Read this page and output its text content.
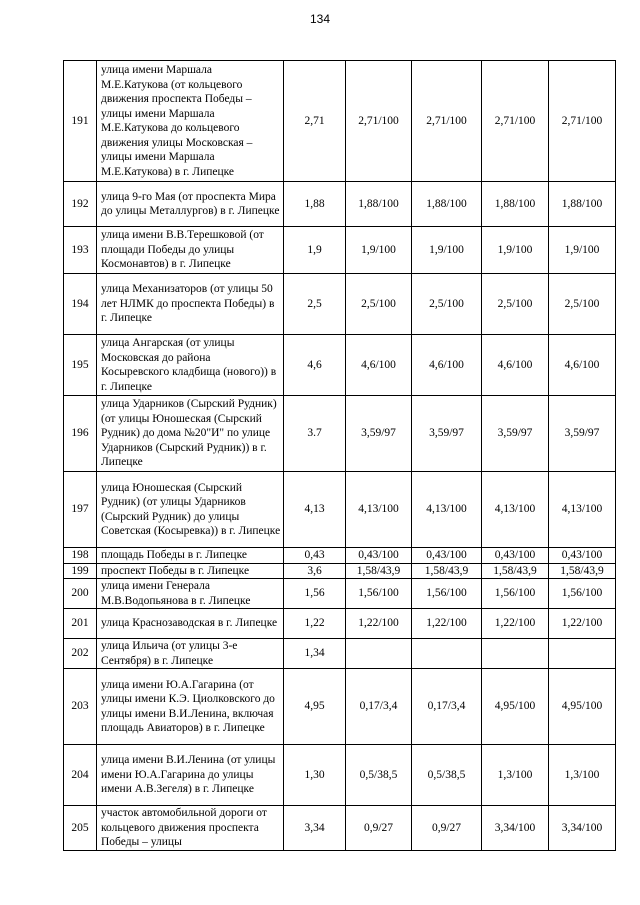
134
191	улица имени Маршала М.Е.Катукова (от кольцевого движения проспекта Победы – улицы имени Маршала М.Е.Катукова до кольцевого движения улицы Московская – улицы имени Маршала М.Е.Катукова) в г. Липецке	2,71	2,71/100	2,71/100	2,71/100	2,71/100
192	улица 9-го Мая (от проспекта Мира до улицы Металлургов) в г. Липецке	1,88	1,88/100	1,88/100	1,88/100	1,88/100
193	улица имени В.В.Терешковой (от площади Победы до улицы Космонавтов) в г. Липецке	1,9	1,9/100	1,9/100	1,9/100	1,9/100
194	улица Механизаторов (от улицы 50 лет НЛМК до проспекта Победы) в г. Липецке	2,5	2,5/100	2,5/100	2,5/100	2,5/100
195	улица Ангарская (от улицы Московская до района Косыревского кладбища (нового)) в г. Липецке	4,6	4,6/100	4,6/100	4,6/100	4,6/100
196	улица Ударников (Сырский Рудник) (от улицы Юношеская (Сырский Рудник) до дома №20"И" по улице Ударников (Сырский Рудник)) в г. Липецке	3.7	3,59/97	3,59/97	3,59/97	3,59/97
197	улица Юношеская (Сырский Рудник) (от улицы Ударников (Сырский Рудник) до улицы Советская (Косыревка)) в г. Липецке	4,13	4,13/100	4,13/100	4,13/100	4,13/100
198	площадь Победы в г. Липецке	0,43	0,43/100	0,43/100	0,43/100	0,43/100
199	проспект Победы в г. Липецке	3,6	1,58/43,9	1,58/43,9	1,58/43,9	1,58/43,9
200	улица имени Генерала М.В.Водопьянова в г. Липецке	1,56	1,56/100	1,56/100	1,56/100	1,56/100
201	улица Краснозаводская в г. Липецке	1,22	1,22/100	1,22/100	1,22/100	1,22/100
202	улица Ильича (от улицы 3-е Сентября) в г. Липецке	1,34				
203	улица имени Ю.А.Гагарина (от улицы имени К.Э. Циолковского до улицы имени В.И.Ленина, включая площадь Авиаторов) в г. Липецке	4,95	0,17/3,4	0,17/3,4	4,95/100	4,95/100
204	улица имени В.И.Ленина (от улицы имени Ю.А.Гагарина до улицы имени А.В.Зегеля) в г. Липецке	1,30	0,5/38,5	0,5/38,5	1,3/100	1,3/100
205	участок автомобильной дороги от кольцевого движения проспекта Победы – улицы	3,34	0,9/27	0,9/27	3,34/100	3,34/100
